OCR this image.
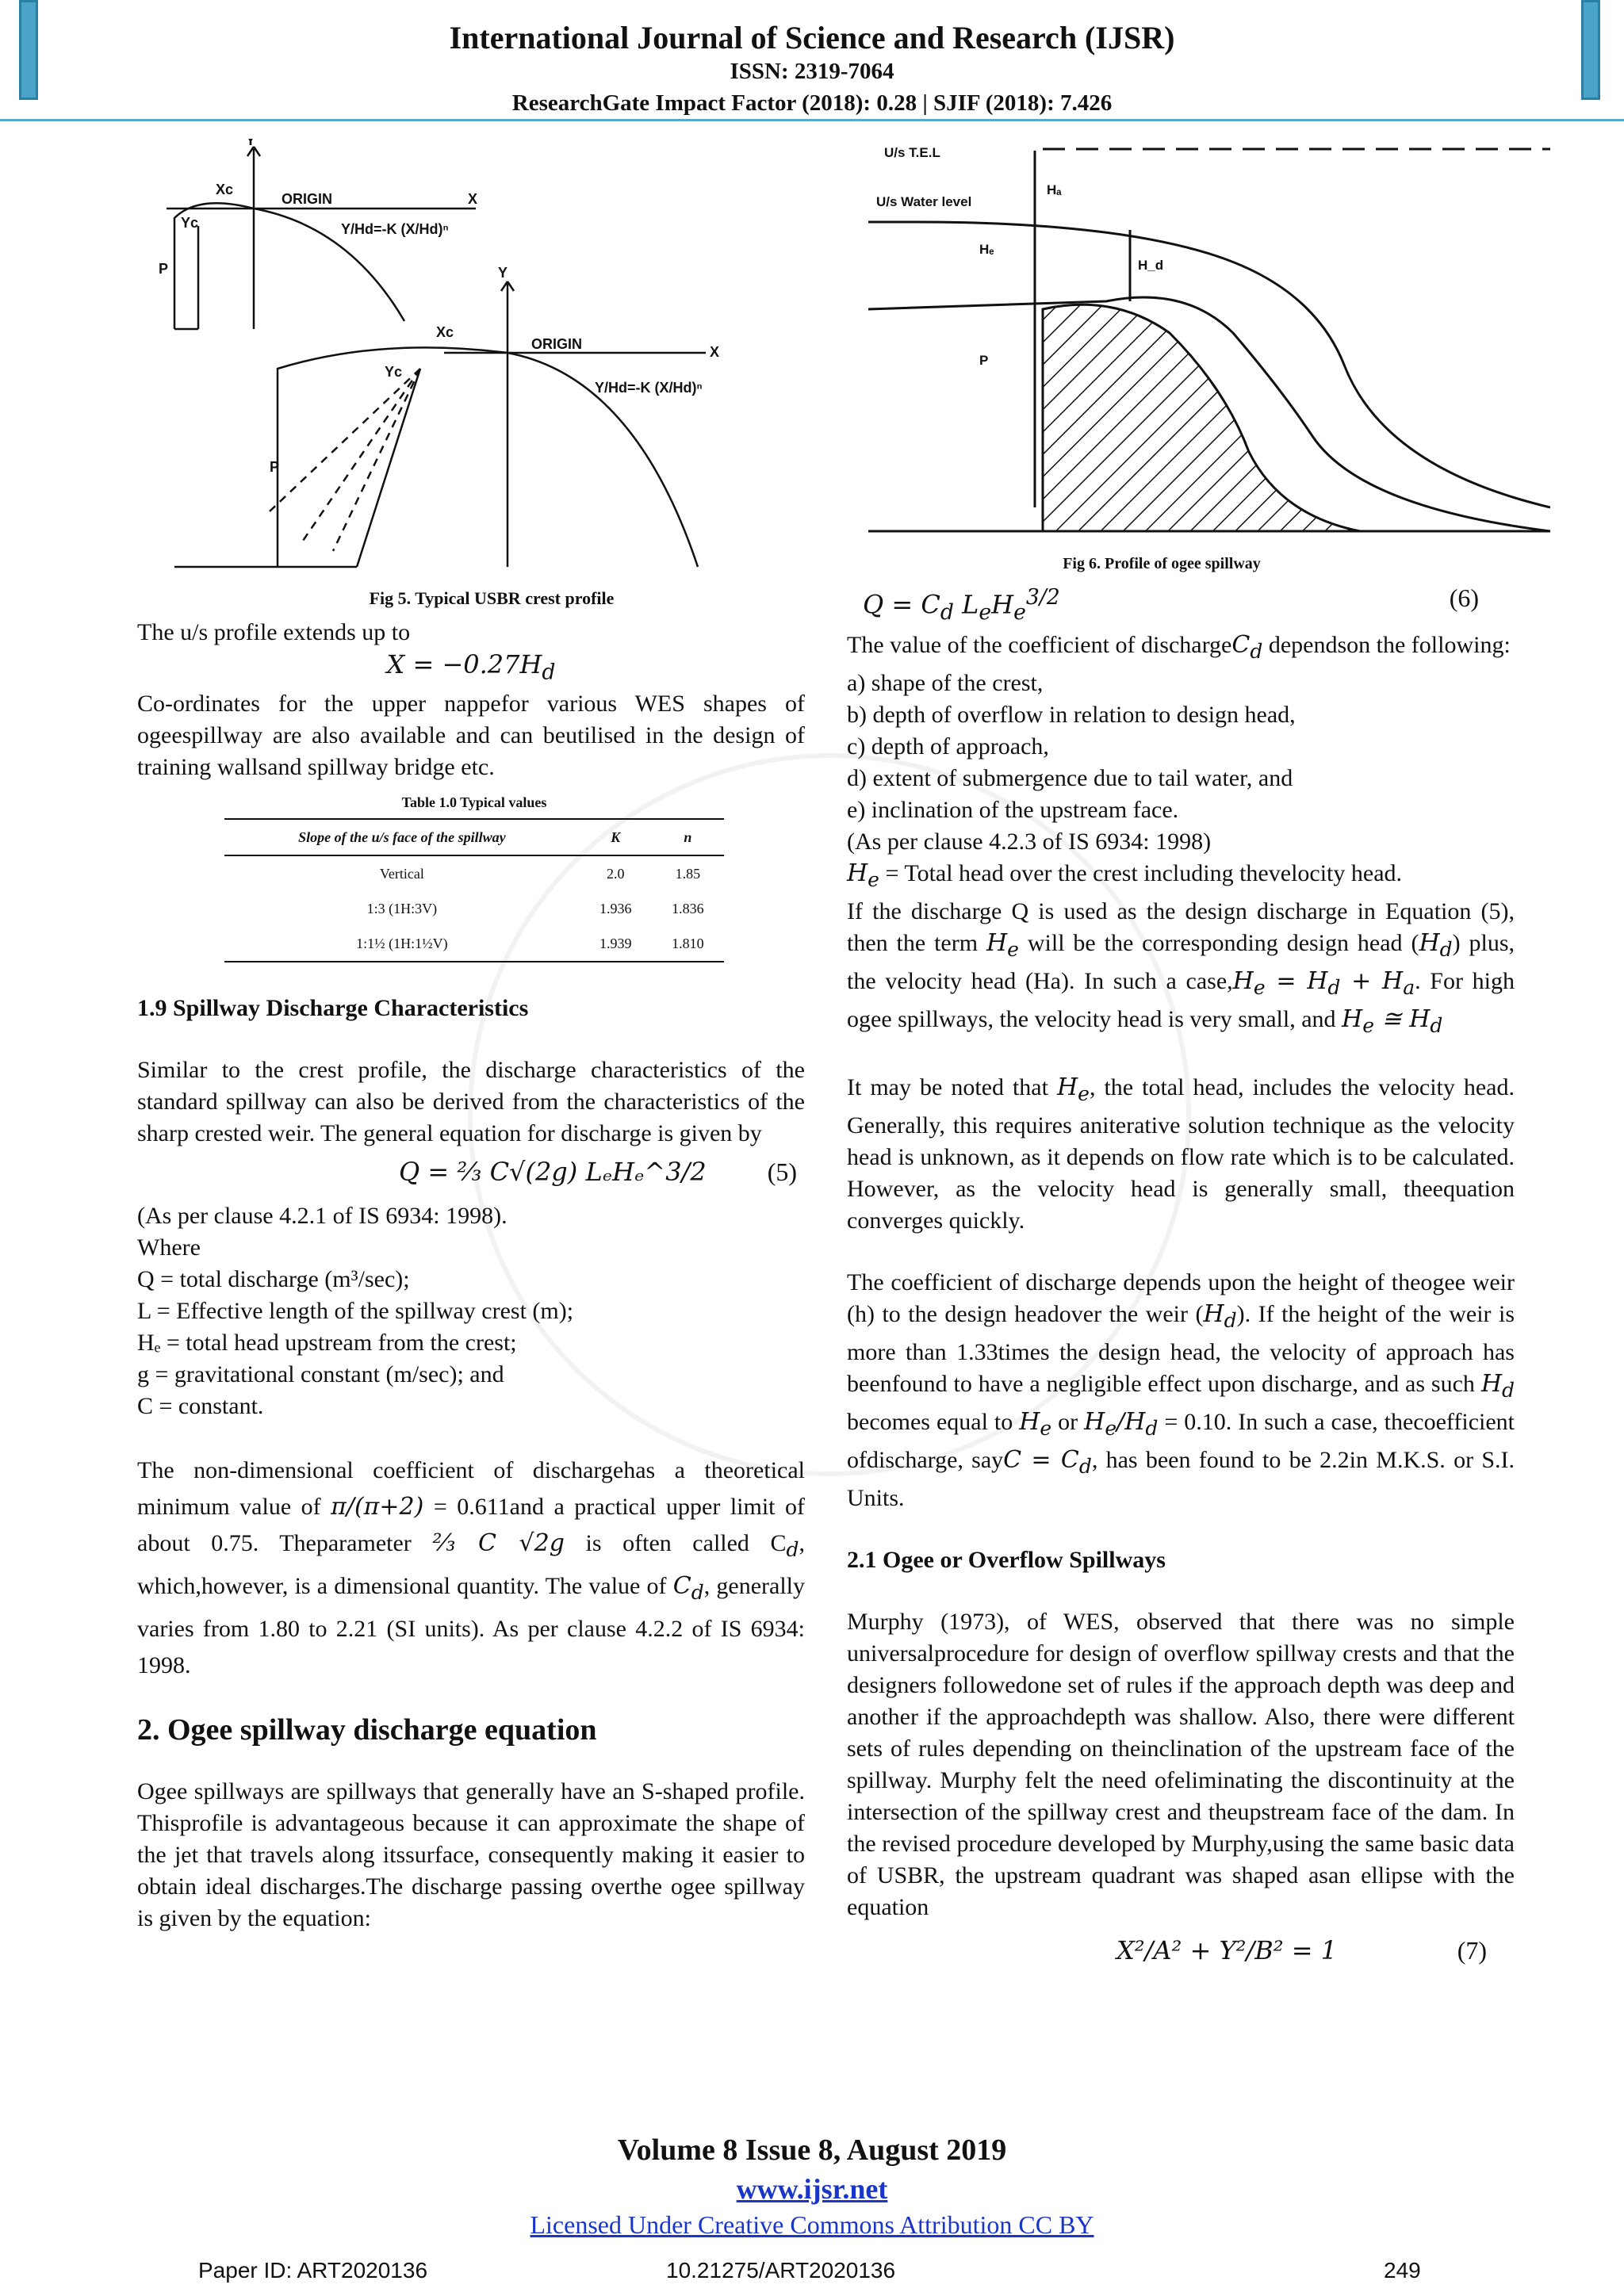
International Journal of Science and Research (IJSR)
ISSN: 2319-7064
ResearchGate Impact Factor (2018): 0.28 | SJIF (2018): 7.426
Y
X
Xc
Yc
ORIGIN
P
Y/Hd=-K (X/Hd)ⁿ
Y
X
Xc
Yc
ORIGIN
P
Y/Hd=-K (X/Hd)ⁿ
Fig 5. Typical USBR crest profile
U/s T.E.L
U/s Water level
Hₐ
Hₑ
H_d
P
Fig 6. Profile of ogee spillway

The u/s profile extends up to

$X = -0.27H_d$

Co-ordinates for the upper nappefor various WES shapes of ogeespillway are also available and can beutilised in the design of training wallsand spillway bridge etc.

Table 1.0 Typical values
Slope of the u/s face of the spillway	K	n
Vertical	2.0	1.85
1:3 (1H:3V)	1.936	1.836
1:1½ (1H:1½V)	1.939	1.810

1.9 Spillway Discharge Characteristics

Similar to the crest profile, the discharge characteristics of the standard spillway can also be derived from the characteristics of the sharp crested weir. The general equation for discharge is given by

Q = ⅔ C√(2g) LₑHₑ^3/2 (5)

(As per clause 4.2.1 of IS 6934: 1998).

Where

Q = total discharge (m³/sec);

L = Effective length of the spillway crest (m);

Hₑ = total head upstream from the crest;

g = gravitational constant (m/sec); and

C = constant.

The non-dimensional coefficient of dischargehas a theoretical minimum value of π/(π+2) = 0.611and a practical upper limit of about 0.75. Theparameter ⅔ C √2g is often called $C_d$, which,however, is a dimensional quantity. The value of $C_d$, generally varies from 1.80 to 2.21 (SI units). As per clause 4.2.2 of IS 6934: 1998.

2. Ogee spillway discharge equation

Ogee spillways are spillways that generally have an S-shaped profile. Thisprofile is advantageous because it can approximate the shape of the jet that travels along itssurface, consequently making it easier to obtain ideal discharges.The discharge passing overthe ogee spillway is given by the equation:

$Q = C_d$ $L_eH_e^{3/2}$	(6)

The value of the coefficient of dischargeC$_d$ dependson the following:

a) shape of the crest,

b) depth of overflow in relation to design head,

c) depth of approach,

d) extent of submergence due to tail water, and

e) inclination of the upstream face.

(As per clause 4.2.3 of IS 6934: 1998)

$H_e$ = Total head over the crest including thevelocity head.

If the discharge Q is used as the design discharge in Equation (5), then the term $H_e$ will be the corresponding design head $(H_d)$ plus, the velocity head (Ha). In such a $case,H_e = H_d + H_a$. For high ogee spillways, the velocity head is very small, and $H_e$ ≅ $H_d$

It may be noted that $H_e$, the total head, includes the velocity head. Generally, this requires aniterative solution technique as the velocity head is unknown, as it depends on flow rate which is to be calculated. However, as the velocity head is generally small, theequation converges quickly.

The coefficient of discharge depends upon the height of theogee weir (h) to the design headover the weir $(H_d)$. If the height of the weir is more than 1.33times the design head, the velocity of approach has beenfound to have a negligible effect upon discharge, and as such $H_d$ becomes equal to $H_e$ or $H_e/H_d = 0.10$. In such a case, thecoefficient ofdischarge, sayC = $C_d$, has been found to be 2.2in M.K.S. or S.I. Units.

2.1 Ogee or Overflow Spillways

Murphy (1973), of WES, observed that there was no simple universalprocedure for design of overflow spillway crests and that the designers followedone set of rules if the approach depth was deep and another if the approachdepth was shallow. Also, there were different sets of rules depending on theinclination of the upstream face of the spillway. Murphy felt the need ofeliminating the discontinuity at the intersection of the spillway crest and theupstream face of the dam. In the revised procedure developed by Murphy,using the same basic data of USBR, the upstream quadrant was shaped asan ellipse with the equation

X²/A² + Y²/B² = 1	(7)
Volume 8 Issue 8, August 2019
www.ijsr.net
Licensed Under Creative Commons Attribution CC BY
Paper ID: ART2020136	10.21275/ART2020136	249
